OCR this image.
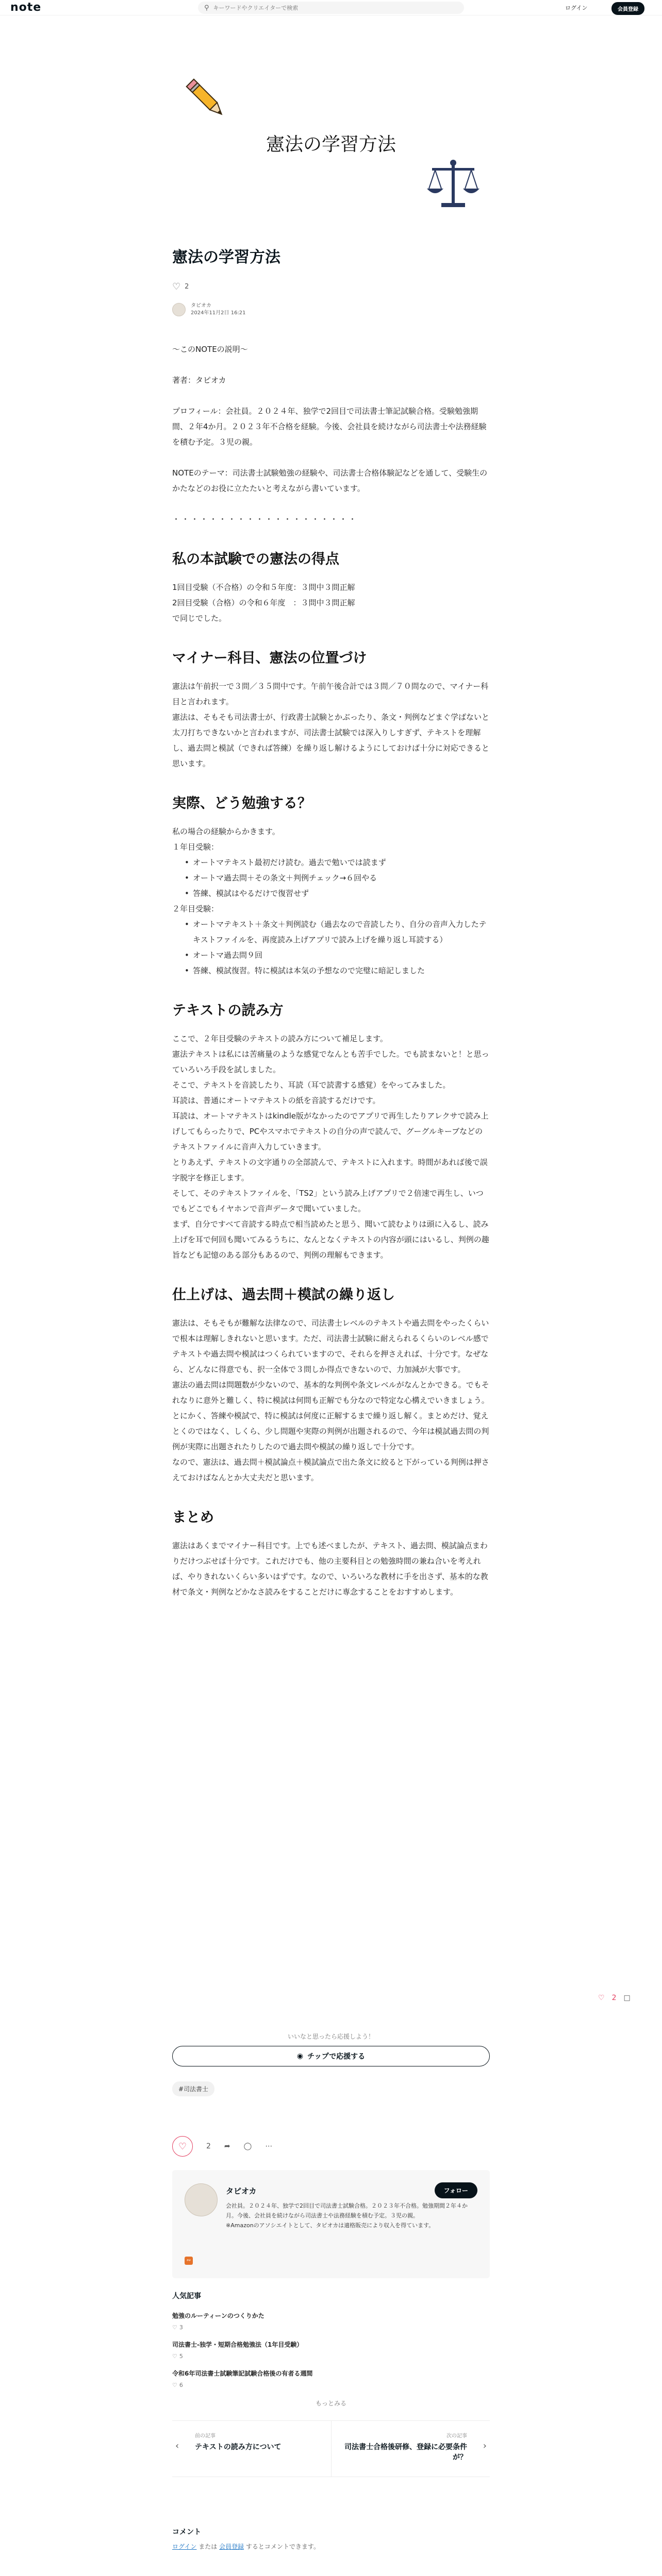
note	⚲
キーワードやクリエイターで検索	ログイン	会員登録
憲法の学習方法
憲法の学習方法
♡ 2
タピオカ
2024年11月2日 16:21

～このNOTEの説明～

著者：タピオカ

プロフィール：会社員。２０２４年、独学で2回目で司法書士筆記試験合格。受験勉強期間、２年4か月。２０２３年不合格を経験。今後、会社員を続けながら司法書士や法務経験を積む予定。３児の親。

NOTEのテーマ：司法書士試験勉強の経験や、司法書士合格体験記などを通して、受験生のかたなどのお役に立たたいと考えながら書いています。

・・・・・・・・・・・・・・・・・・・・
私の本試験での憲法の得点
1回目受験（不合格）の令和５年度：３問中３問正解
2回目受験（合格）の令和６年度　：３問中３問正解

で同じでした。

マイナー科目、憲法の位置づけ
憲法は午前択一で３問／３５問中です。午前午後合計では３問／７０問なので、マイナー科目と言われます。

憲法は、そもそも司法書士が、行政書士試験とかぶったり、条文・判例などまぐ学ばないと太刀打ちできないかと言われますが、司法書士試験では深入りしすぎず、テキストを理解し、過去問と模試（できれば答練）を繰り返し解けるようにしておけば十分に対応できると思います。

実際、どう勉強する？
私の場合の経験からかきます。
１年目受験：
• オートマテキスト最初だけ読む。過去で勉いでは読まず
• オートマ過去問＋その条文＋判例チェック→６回やる
• 答練、模試はやるだけで復習せず
２年目受験：
• オートマテキスト＋条文＋判例読む（過去なので音読したり、自分の音声入力したテキストファイルを、再度読み上げアプリで読み上げを繰り返し耳読する）
• オートマ過去問９回
• 答練、模試復習。特に模試は本気の予想なので完璧に暗記しました
テキストの読み方
ここで、２年目受験のテキストの読み方について補足します。
憲法テキストは私には苦痛量のような感覚でなんとも苦手でした。でも読まないと！と思っていろいろ手段を試しました。
そこで、テキストを音読したり、耳読（耳で読書する感覚）をやってみました。
耳読は、普通にオートマテキストの紙を音読するだけです。
耳読は、オートマテキストはkindle版がなかったのでアプリで再生したりアレクサで読み上げしてもらったりで、PCやスマホでテキストの自分の声で読んで、グーグルキーブなどのテキストファイルに音声入力していきます。
とりあえず、テキストの文字通りの全部読んで、テキストに入れます。時間があれば後で誤字脱字を修正します。
そして、そのテキストファイルを、「TS2」という読み上げアプリで２倍速で再生し、いつでもどこでもイヤホンで音声データで聞いていました。

まず、自分ですべて音読する時点で相当読めたと思う、聞いて読むよりは頭に入るし、読み上げを耳で何回も聞いてみるうちに、なんとなくテキストの内容が頭にはいるし、判例の趣旨なども記憶のある部分もあるので、判例の理解もできます。

仕上げは、過去問＋模試の繰り返し
憲法は、そもそもが難解な法律なので、司法書士レベルのテキストや過去問をやったくらいで根本は理解しきれないと思います。ただ、司法書士試験に耐えられるくらいのレベル感でテキストや過去問や模試はつくられていますので、それらを押さえれば、十分です。なぜなら、どんなに得意でも、択一全体で３問しか得点できないので、力加減が大事です。
憲法の過去問は問題数が少ないので、基本的な判例や条文レベルがなんとかできる。でもそれなりに意外と難しく、特に模試は何問も正解でも分なので特定な心構えでいきましょう。とにかく、答練や模試で、特に模試は何度に正解するまで繰り返し解く。まとめだけ、覚えとくのではなく、しくら、少し問題や実際の判例が出題されるので、今年は模試過去問の判例が実際に出題されたりしたので過去問や模試の繰り返しで十分です。

なので、憲法は、過去問＋模試論点＋模試論点で出た条文に絞ると下がっている判例は押さえておけばなんとか大丈夫だと思います。

まとめ

憲法はあくまでマイナー科目です。上でも述べましたが、テキスト、過去問、模試論点まわりだけつぶせば十分です。これだけでも、他の主要科目との勉強時間の兼ね合いを考えれば、やりきれないくらい多いはずです。なので、いろいろな教材に手を出さず、基本的な教材で条文・判例などかなさ読みをすることだけに専念することをおすすめします。

♡ 2 □
いいなと思ったら応援しよう！
◉ チップで応援する
#司法書士
♡	2 ➦ ◯ ⋯
タピオカ	フォロー
会社員。２０２４年、独学で2回目で司法書士試験合格。２０２３年不合格。勉強期間２年４か月。今後、会社員を続けながら司法書士や法務経験を積む予定。３児の親。
※Amazonのアソシエイトとして、タピオカは適格販売により収入を得ています。
∾
人気記事
勉強のルーティーンのつくりかた
♡ 3
司法書士-独学・短期合格勉強法（1年目受験）
♡ 5
令和6年司法書士試験筆記試験合格後の有者る週間
♡ 6
もっとみる
‹
前の記事
テキストの読み方について	›
次の記事
司法書士合格後研修、登録に必要条件が？
コメント
ログイン または 会員登録 するとコメントできます。
